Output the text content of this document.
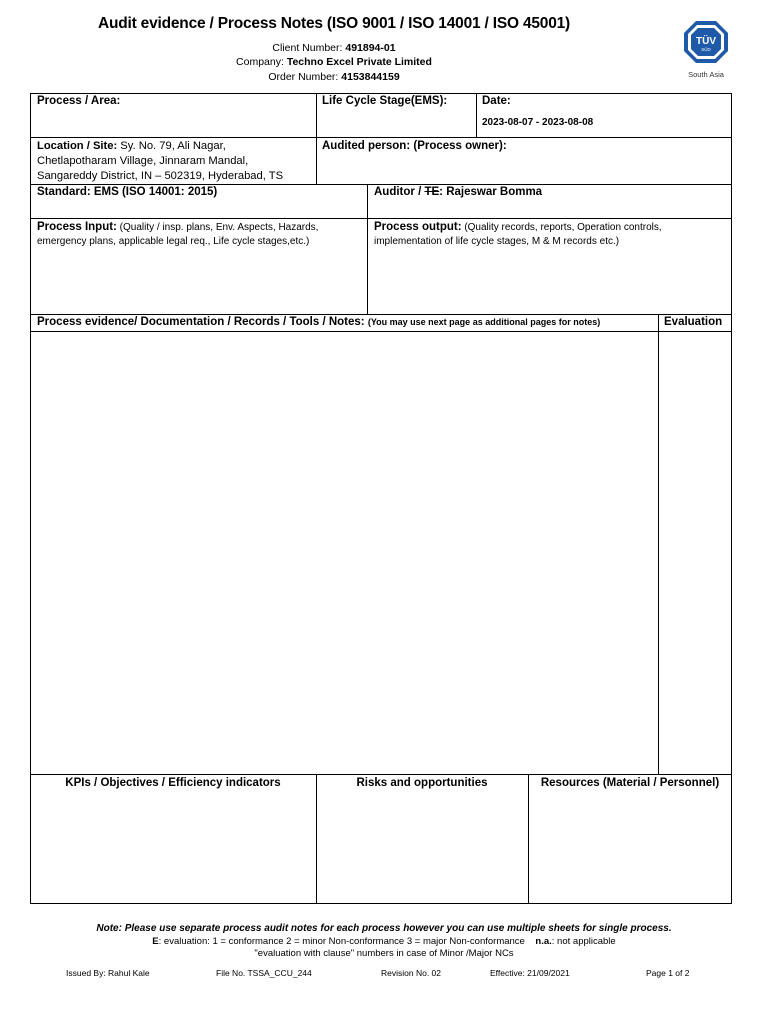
Audit evidence / Process Notes (ISO 9001 / ISO 14001 / ISO 45001)
Client Number: 491894-01
Company: Techno Excel Private Limited
Order Number: 4153844159
TÜV
SÜD
South Asia
Process / Area:	Life Cycle Stage(EMS):	Date:
2023-08-07 - 2023-08-08
Location / Site: Sy. No. 79, Ali Nagar,
Chetlapotharam Village, Jinnaram Mandal,
Sangareddy District, IN – 502319, Hyderabad, TS
Audited person: (Process owner):
Standard: EMS (ISO 14001: 2015)	Auditor / TE: Rajeswar Bomma
Process Input: (Quality / insp. plans, Env. Aspects, Hazards, emergency plans, applicable legal req., Life cycle stages,etc.)
Process output: (Quality records, reports, Operation controls, implementation of life cycle stages, M & M records etc.)
Process evidence/ Documentation / Records / Tools / Notes: (You may use next page as additional pages for notes)	Evaluation
KPIs / Objectives / Efficiency indicators	Risks and opportunities	Resources (Material / Personnel)
Note: Please use separate process audit notes for each process however you can use multiple sheets for single process.
E: evaluation: 1 = conformance 2 = minor Non-conformance 3 = major Non-conformance n.a.: not applicable
"evaluation with clause" numbers in case of Minor /Major NCs
Issued By: Rahul Kale	File No. TSSA_CCU_244	Revision No. 02	Effective: 21/09/2021	Page 1 of 2
